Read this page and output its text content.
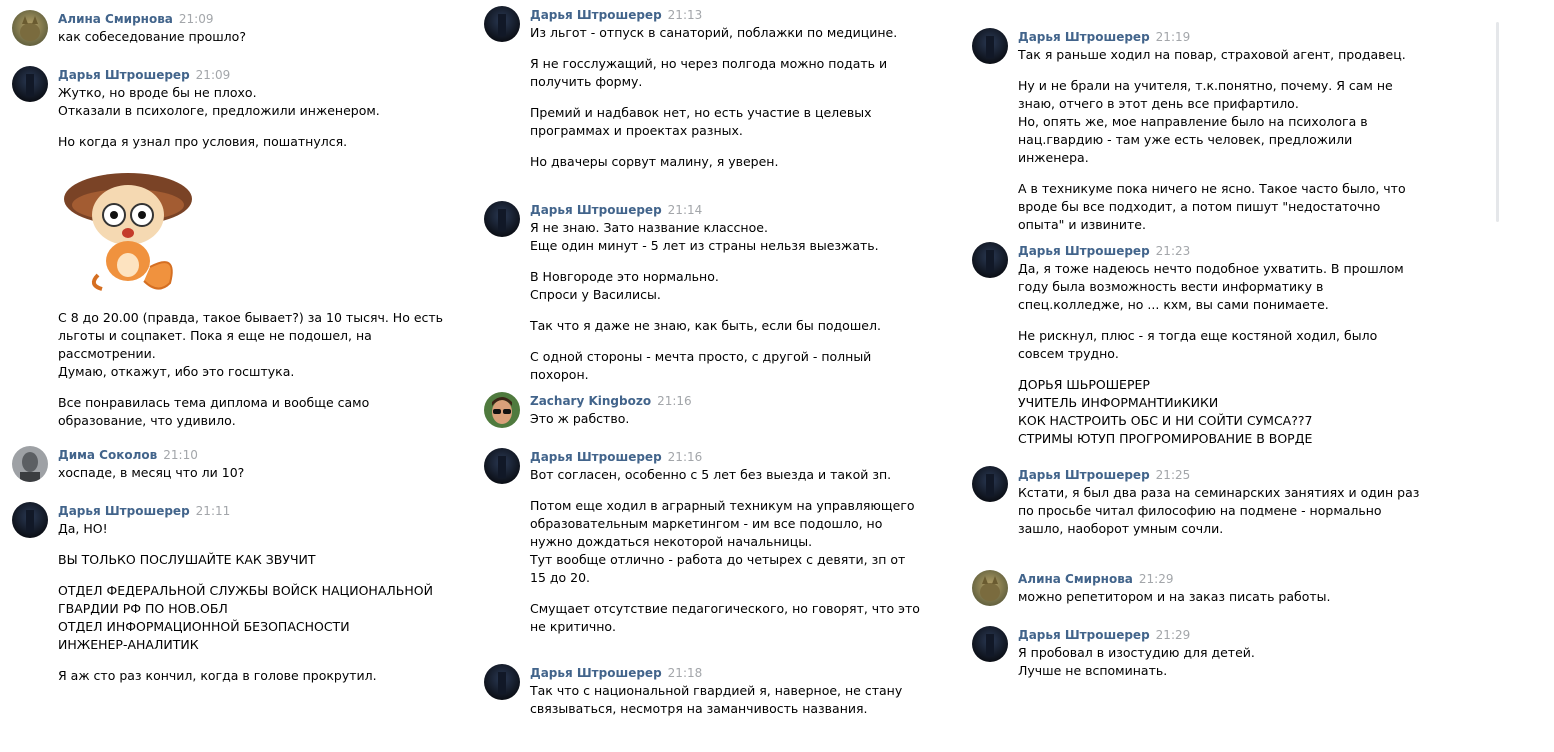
Алина Смирнова 21:09

как собеседование прошло?

Дарья Штрошерер 21:09

Жутко, но вроде бы не плохо.
Отказали в психологе, предложили инженером.

Но когда я узнал про условия, пошатнулся.

С 8 до 20.00 (правда, такое бывает?) за 10 тысяч. Но есть льготы и соцпакет. Пока я еще не подошел, на рассмотрении.
Думаю, откажут, ибо это госштука.

Все понравилась тема диплома и вообще само образование, что удивило.

Дима Соколов 21:10

хоспаде, в месяц что ли 10?

Дарья Штрошерер 21:11

Да, НО!

ВЫ ТОЛЬКО ПОСЛУШАЙТЕ КАК ЗВУЧИТ

ОТДЕЛ ФЕДЕРАЛЬНОЙ СЛУЖБЫ ВОЙСК НАЦИОНАЛЬНОЙ ГВАРДИИ РФ ПО НОВ.ОБЛ
ОТДЕЛ ИНФОРМАЦИОННОЙ БЕЗОПАСНОСТИ
ИНЖЕНЕР-АНАЛИТИК

Я аж сто раз кончил, когда в голове прокрутил.

Дарья Штрошерер 21:13

Из льгот - отпуск в санаторий, поблажки по медицине.

Я не госслужащий, но через полгода можно подать и получить форму.

Премий и надбавок нет, но есть участие в целевых программах и проектах разных.

Но двачеры сорвут малину, я уверен.

Дарья Штрошерер 21:14

Я не знаю. Зато название классное.
Еще один минут - 5 лет из страны нельзя выезжать.

В Новгороде это нормально.
Спроси у Василисы.

Так что я даже не знаю, как быть, если бы подошел.

С одной стороны - мечта просто, с другой - полный похорон.

Zachary Kingbozo 21:16

Это ж рабство.

Дарья Штрошерер 21:16

Вот согласен, особенно с 5 лет без выезда и такой зп.

Потом еще ходил в аграрный техникум на управляющего образовательным маркетингом - им все подошло, но нужно дождаться некоторой начальницы.
Тут вообще отлично - работа до четырех с девяти, зп от 15 до 20.

Смущает отсутствие педагогического, но говорят, что это не критично.

Дарья Штрошерер 21:18

Так что с национальной гвардией я, наверное, не стану связываться, несмотря на заманчивость названия.

Дарья Штрошерер 21:19

Так я раньше ходил на повар, страховой агент, продавец.

Ну и не брали на учителя, т.к.понятно, почему. Я сам не знаю, отчего в этот день все прифартило.
Но, опять же, мое направление было на психолога в нац.гвардию - там уже есть человек, предложили инженера.

А в техникуме пока ничего не ясно. Такое часто было, что вроде бы все подходит, а потом пишут "недостаточно опыта" и извините.

Дарья Штрошерер 21:23

Да, я тоже надеюсь нечто подобное ухватить. В прошлом году была возможность вести информатику в спец.колледже, но ... кхм, вы сами понимаете.

Не рискнул, плюс - я тогда еще костяной ходил, было совсем трудно.

ДОРЬЯ ШЬРОШЕРЕР
УЧИТЕЛЬ ИНФОРМАНТИиКИКИ
КОК НАСТРОИТЬ ОБС И НИ СОЙТИ СУМСА??7
СТРИМЫ ЮТУП ПРОГРОМИРОВАНИЕ В ВОРДЕ

Дарья Штрошерер 21:25

Кстати, я был два раза на семинарских занятиях и один раз по просьбе читал философию на подмене - нормально зашло, наоборот умным сочли.

Алина Смирнова 21:29

можно репетитором и на заказ писать работы.

Дарья Штрошерер 21:29

Я пробовал в изостудию для детей.
Лучше не вспоминать.
